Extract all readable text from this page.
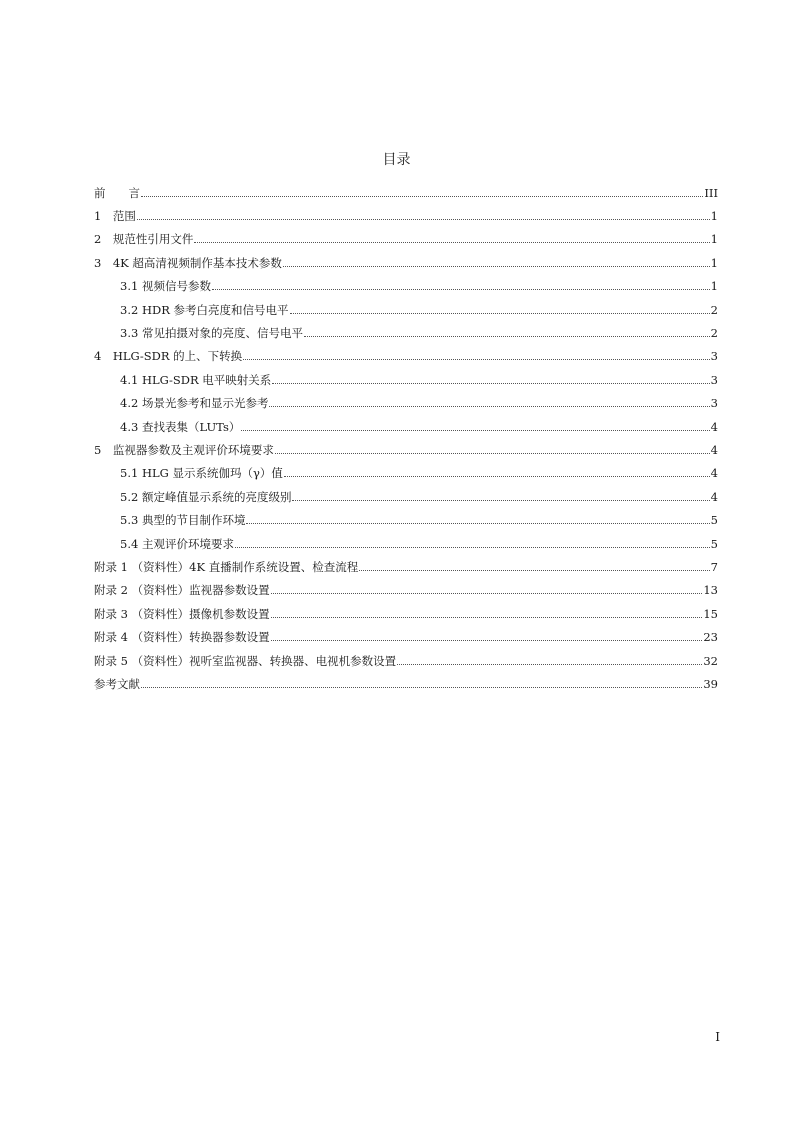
目录
前　　言	III
1　范围	1
2　规范性引用文件	1
3　4K 超高清视频制作基本技术参数	1
3.1 视频信号参数	1
3.2 HDR 参考白亮度和信号电平	2
3.3 常见拍摄对象的亮度、信号电平	2
4　HLG-SDR 的上、下转换	3
4.1 HLG-SDR 电平映射关系	3
4.2 场景光参考和显示光参考	3
4.3 查找表集（LUTs）	4
5　监视器参数及主观评价环境要求	4
5.1 HLG 显示系统伽玛（γ）值	4
5.2 额定峰值显示系统的亮度级别	4
5.3 典型的节目制作环境	5
5.4 主观评价环境要求	5
附录 1 （资料性）4K 直播制作系统设置、检查流程	7
附录 2 （资料性）监视器参数设置	13
附录 3 （资料性）摄像机参数设置	15
附录 4 （资料性）转换器参数设置	23
附录 5 （资料性）视听室监视器、转换器、电视机参数设置	32
参考文献	39
I
